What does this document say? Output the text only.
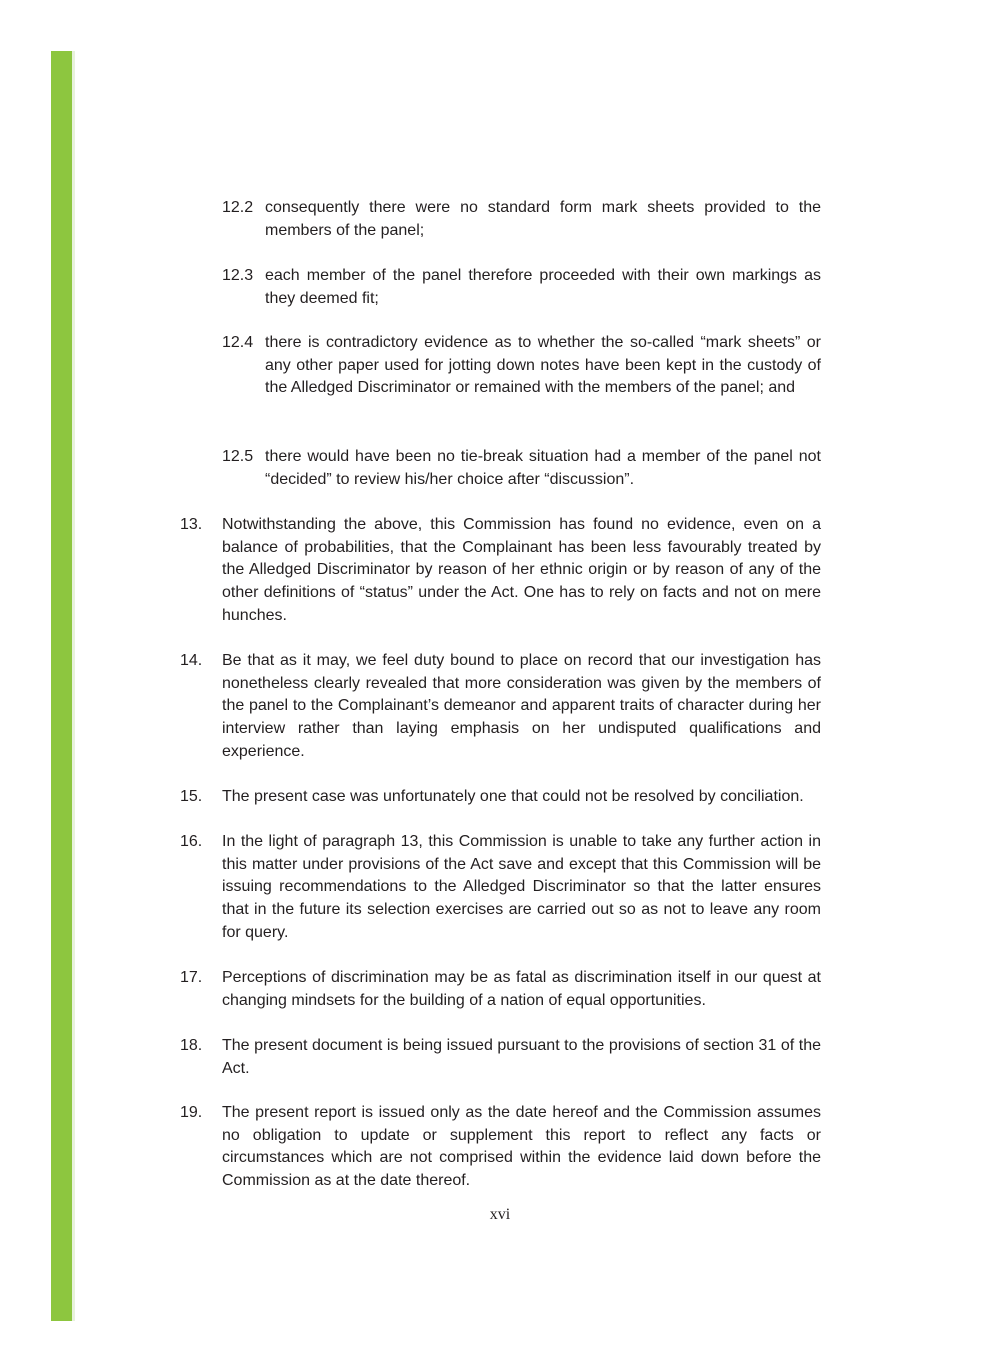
12.2 consequently there were no standard form mark sheets provided to the members of the panel;
12.3 each member of the panel therefore proceeded with their own markings as they deemed fit;
12.4 there is contradictory evidence as to whether the so-called “mark sheets” or any other paper used for jotting down notes have been kept in the custody of the Alledged Discriminator or remained with the members of the panel; and
12.5 there would have been no tie-break situation had a member of the panel not “decided” to review his/her choice after “discussion”.
13. Notwithstanding the above, this Commission has found no evidence, even on a balance of probabilities, that the Complainant has been less favourably treated by the Alledged Discriminator by reason of her ethnic origin or by reason of any of the other definitions of “status” under the Act. One has to rely on facts and not on mere hunches.
14. Be that as it may, we feel duty bound to place on record that our investigation has nonetheless clearly revealed that more consideration was given by the members of the panel to the Complainant’s demeanor and apparent traits of character during her interview rather than laying emphasis on her undisputed qualifications and experience.
15. The present case was unfortunately one that could not be resolved by conciliation.
16. In the light of paragraph 13, this Commission is unable to take any further action in this matter under provisions of the Act save and except that this Commission will be issuing recommendations to the Alledged Discriminator so that the latter ensures that in the future its selection exercises are carried out so as not to leave any room for query.
17. Perceptions of discrimination may be as fatal as discrimination itself in our quest at changing mindsets for the building of a nation of equal opportunities.
18. The present document is being issued pursuant to the provisions of section 31 of the Act.
19. The present report is issued only as the date hereof and the Commission assumes no obligation to update or supplement this report to reflect any facts or circumstances which are not comprised within the evidence laid down before the Commission as at the date thereof.
xvi
